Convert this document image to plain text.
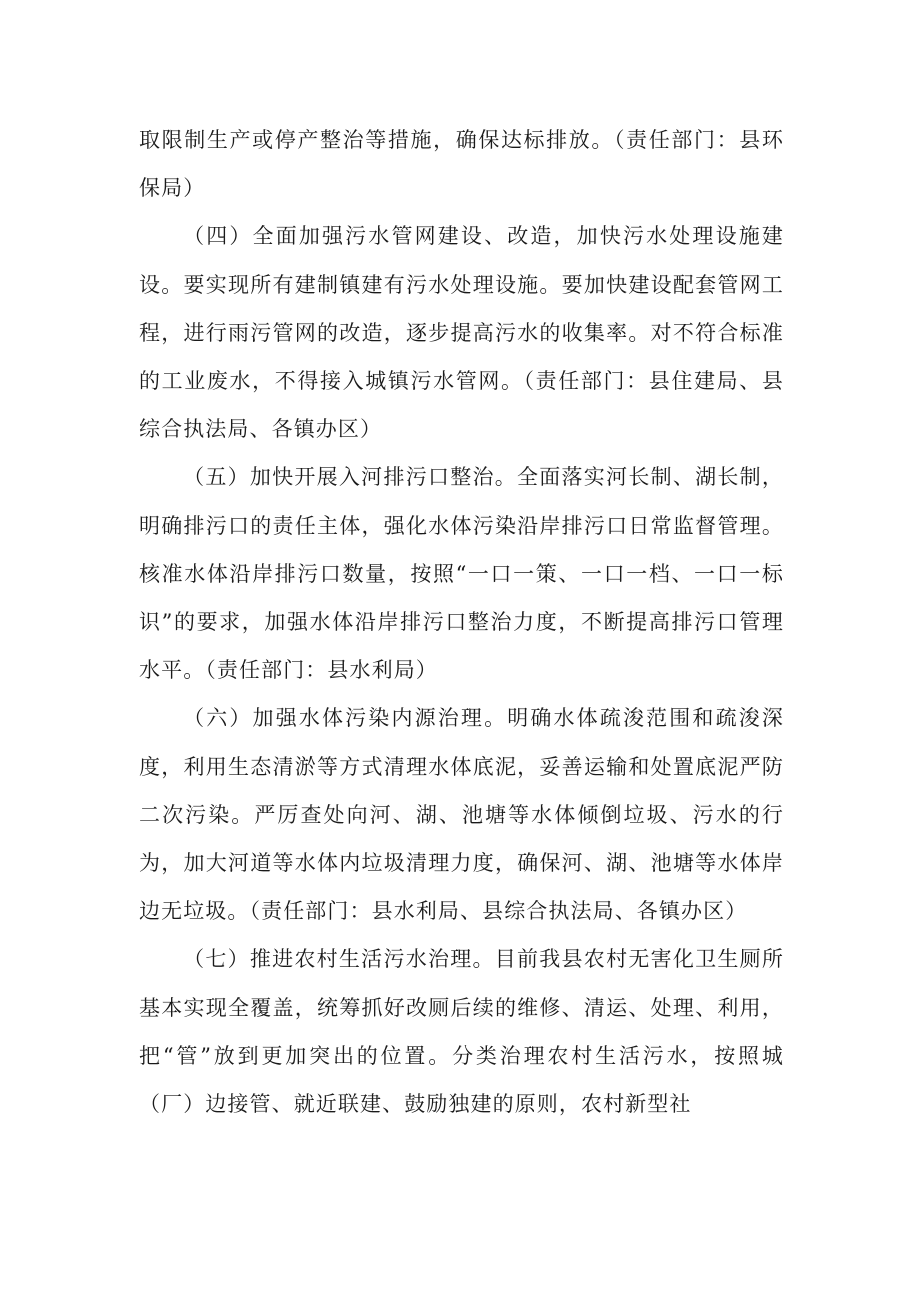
取限制生产或停产整治等措施，确保达标排放。（责任部门：县环保局）

（四）全面加强污水管网建设、改造，加快污水处理设施建设。要实现所有建制镇建有污水处理设施。要加快建设配套管网工程，进行雨污管网的改造，逐步提高污水的收集率。对不符合标准的工业废水，不得接入城镇污水管网。（责任部门：县住建局、县综合执法局、各镇办区）

（五）加快开展入河排污口整治。全面落实河长制、湖长制，明确排污口的责任主体，强化水体污染沿岸排污口日常监督管理。核准水体沿岸排污口数量，按照“一口一策、一口一档、一口一标识”的要求，加强水体沿岸排污口整治力度，不断提高排污口管理水平。（责任部门：县水利局）

（六）加强水体污染内源治理。明确水体疏浚范围和疏浚深度，利用生态清淤等方式清理水体底泥，妥善运输和处置底泥严防二次污染。严厉查处向河、湖、池塘等水体倾倒垃圾、污水的行为，加大河道等水体内垃圾清理力度，确保河、湖、池塘等水体岸边无垃圾。（责任部门：县水利局、县综合执法局、各镇办区）

（七）推进农村生活污水治理。目前我县农村无害化卫生厕所基本实现全覆盖，统筹抓好改厕后续的维修、清运、处理、利用，把“管”放到更加突出的位置。分类治理农村生活污水，按照城（厂）边接管、就近联建、鼓励独建的原则，农村新型社
